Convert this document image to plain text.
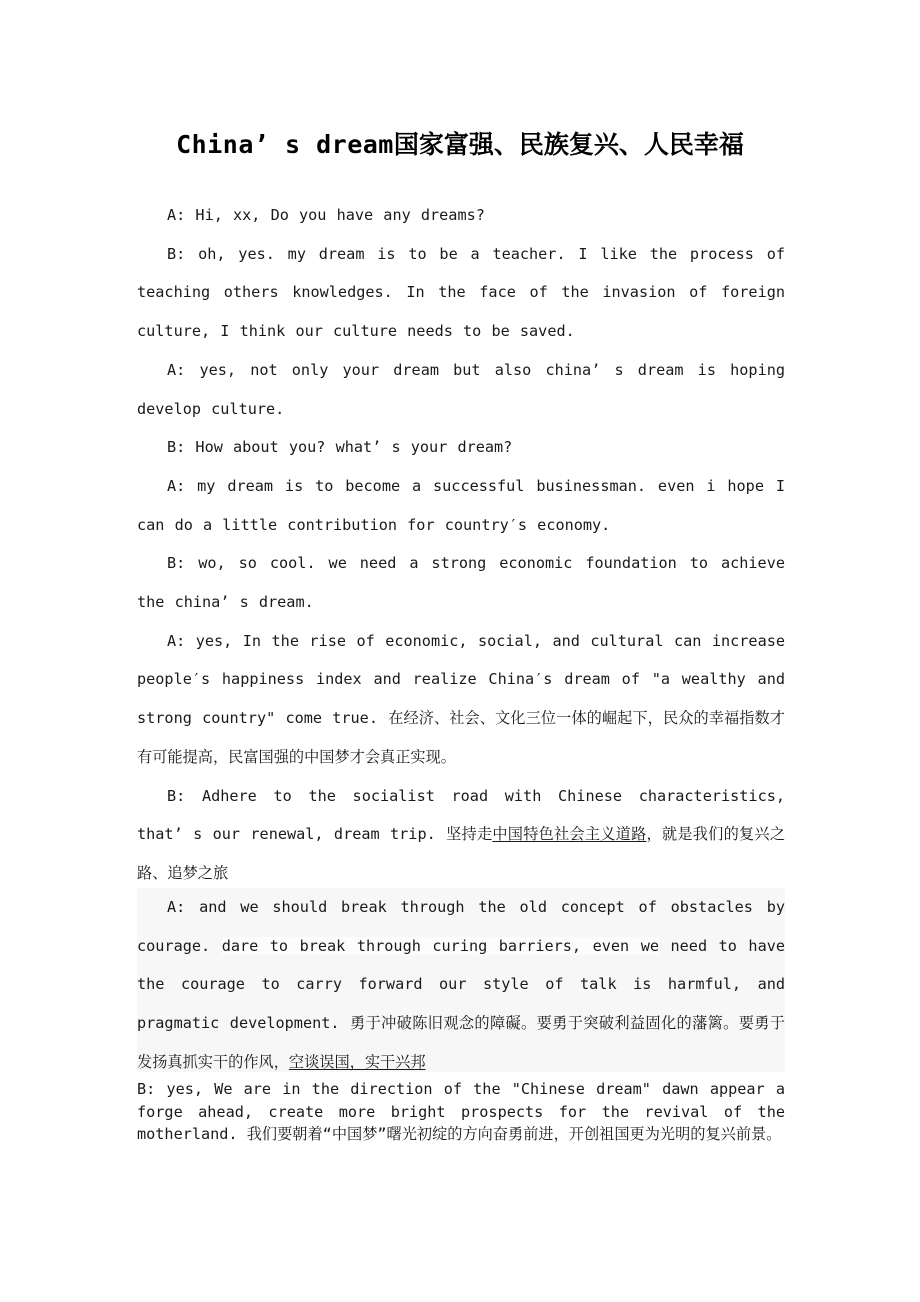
China’ s dream国家富强、民族复兴、人民幸福

A: Hi, xx, Do you have any dreams?

B: oh, yes. my dream is to be a teacher. I like the process of teaching others knowledges. In the face of the invasion of foreign culture, I think our culture needs to be saved.

A: yes, not only your dream but also china’ s dream is hoping develop culture.

B: How about you? what’ s your dream?

A: my dream is to become a successful businessman. even i hope I can do a little contribution for country′s economy.

B: wo, so cool. we need a strong economic foundation to achieve the china’ s dream.

A: yes, In the rise of economic, social, and cultural can increase people′s happiness index and realize China′s dream of "a wealthy and strong country" come true. 在经济、社会、文化三位一体的崛起下，民众的幸福指数才有可能提高，民富国强的中国梦才会真正实现。

B: Adhere to the socialist road with Chinese characteristics, that’ s our renewal, dream trip. 坚持走中国特色社会主义道路，就是我们的复兴之路、追梦之旅

A: and we should break through the old concept of obstacles by courage. dare to break through curing barriers, even we need to have the courage to carry forward our style of talk is harmful, and pragmatic development. 勇于冲破陈旧观念的障礙。要勇于突破利益固化的藩篱。要勇于发扬真抓实干的作风，空谈误国，实干兴邦

B: yes, We are in the direction of the "Chinese dream" dawn appear a forge ahead, create more bright prospects for the revival of the motherland. 我们要朝着“中国梦”曙光初绽的方向奋勇前进，开创祖国更为光明的复兴前景。
